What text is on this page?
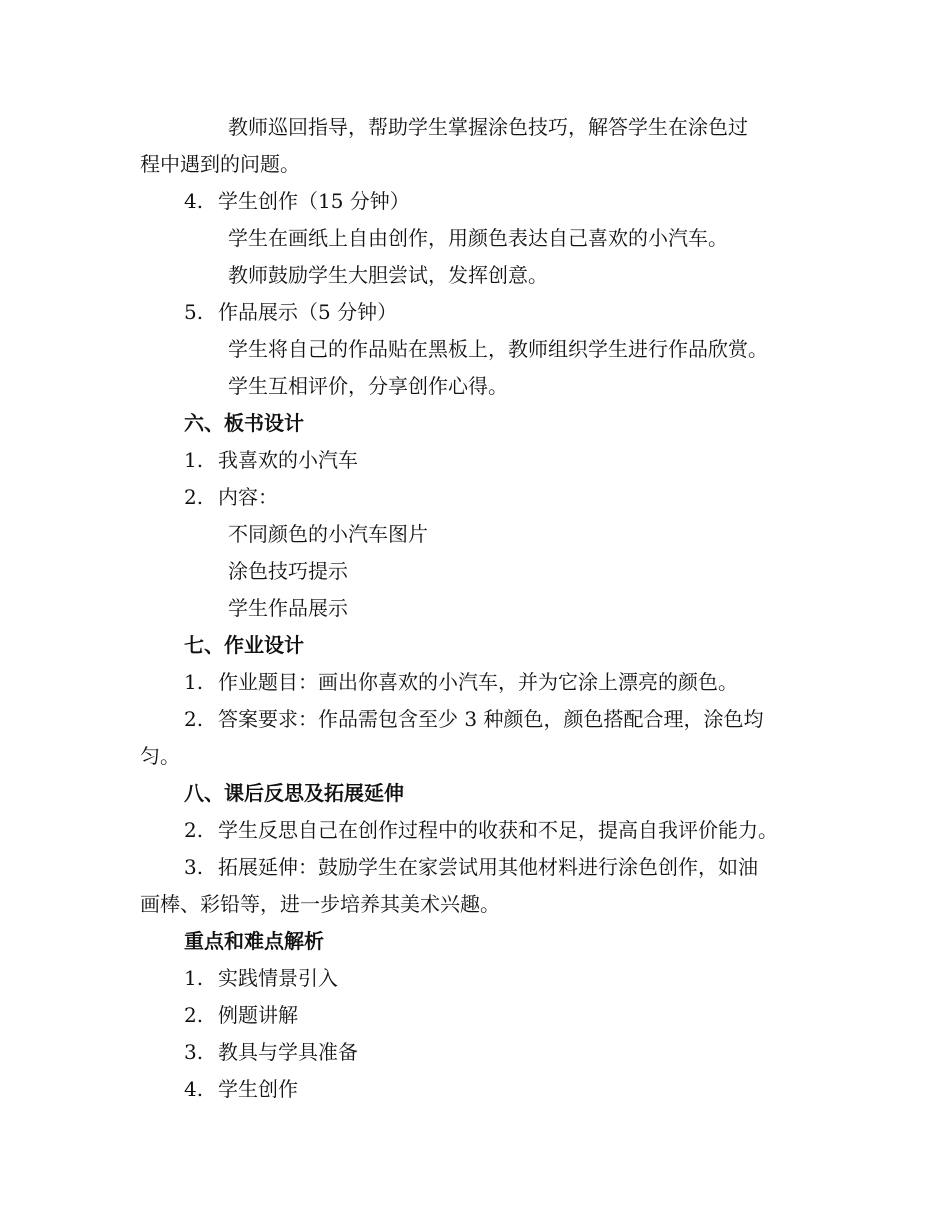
教师巡回指导，帮助学生掌握涂色技巧，解答学生在涂色过
程中遇到的问题。
4. 学生创作（15 分钟）
学生在画纸上自由创作，用颜色表达自己喜欢的小汽车。
教师鼓励学生大胆尝试，发挥创意。
5. 作品展示（5 分钟）
学生将自己的作品贴在黑板上，教师组织学生进行作品欣赏。
学生互相评价，分享创作心得。
六、板书设计
1. 我喜欢的小汽车
2. 内容：
不同颜色的小汽车图片
涂色技巧提示
学生作品展示
七、作业设计
1. 作业题目：画出你喜欢的小汽车，并为它涂上漂亮的颜色。
2. 答案要求：作品需包含至少 3 种颜色，颜色搭配合理，涂色均
匀。
八、课后反思及拓展延伸
2. 学生反思自己在创作过程中的收获和不足，提高自我评价能力。
3. 拓展延伸：鼓励学生在家尝试用其他材料进行涂色创作，如油
画棒、彩铅等，进一步培养其美术兴趣。
重点和难点解析
1. 实践情景引入
2. 例题讲解
3. 教具与学具准备
4. 学生创作
